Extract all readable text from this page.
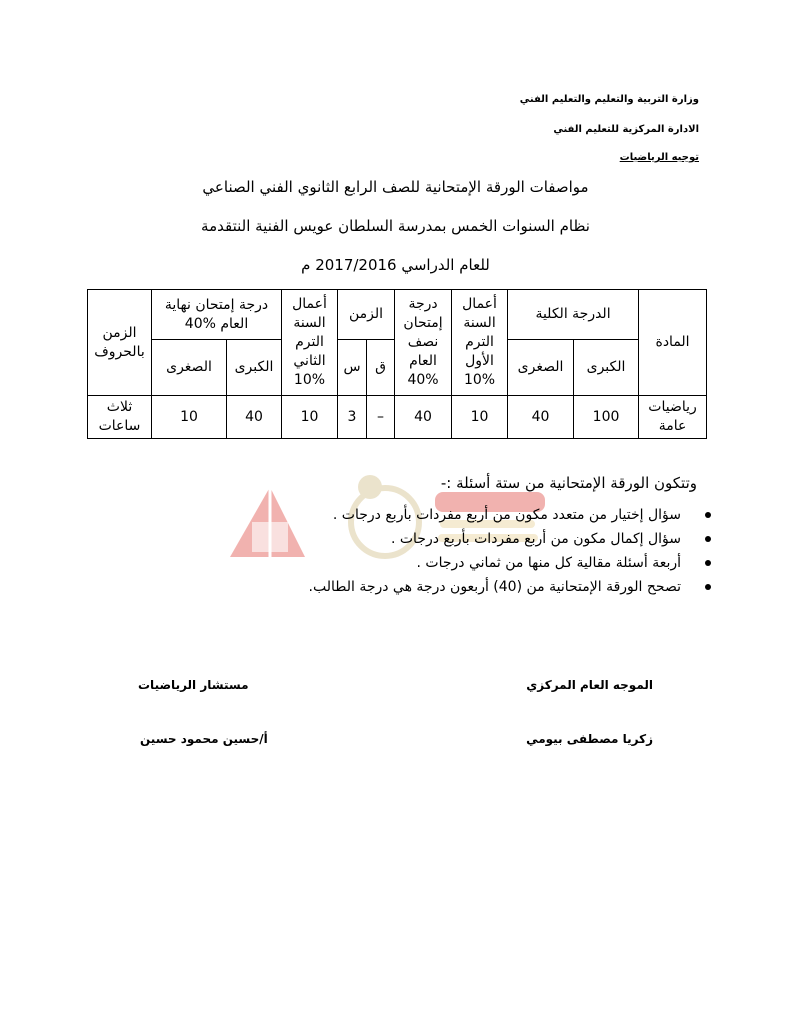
وزارة التربية والتعليم والتعليم الفني
الادارة المركزية للتعليم الفني
توجيه الرياضيات
مواصفات الورقة الإمتحانية للصف الرابع الثانوي الفني الصناعي
نظام السنوات الخمس بمدرسة السلطان عويس الفنية النتقدمة
للعام الدراسي 2017/2016 م
المادة	الدرجة الكلية		أعمال السنة الترم الأول %10	درجة إمتحان نصف العام %40	الزمن		أعمال السنة الترم الثاني %10	درجة إمتحان نهاية العام %40		الزمن بالحروف
	الكبرى	الصغرى			ق	س		الكبرى	الصغرى	
رياضيات عامة	100	40	10	40	–	3	10	40	10	ثلاث ساعات
وتتكون الورقة الإمتحانية من ستة أسئلة :-
سؤال إختيار من متعدد مكون من أربع مفردات بأربع درجات .
سؤال إكمال مكون من أربع مفردات بأربع درجات .
أربعة أسئلة مقالية كل منها من ثماني درجات .
تصحح الورقة الإمتحانية من (40) أربعون درجة هي درجة الطالب.
الموجه العام المركزي
مستشار الرياضيات
زكريا مصطفى بيومي
أ/حسين محمود حسين
